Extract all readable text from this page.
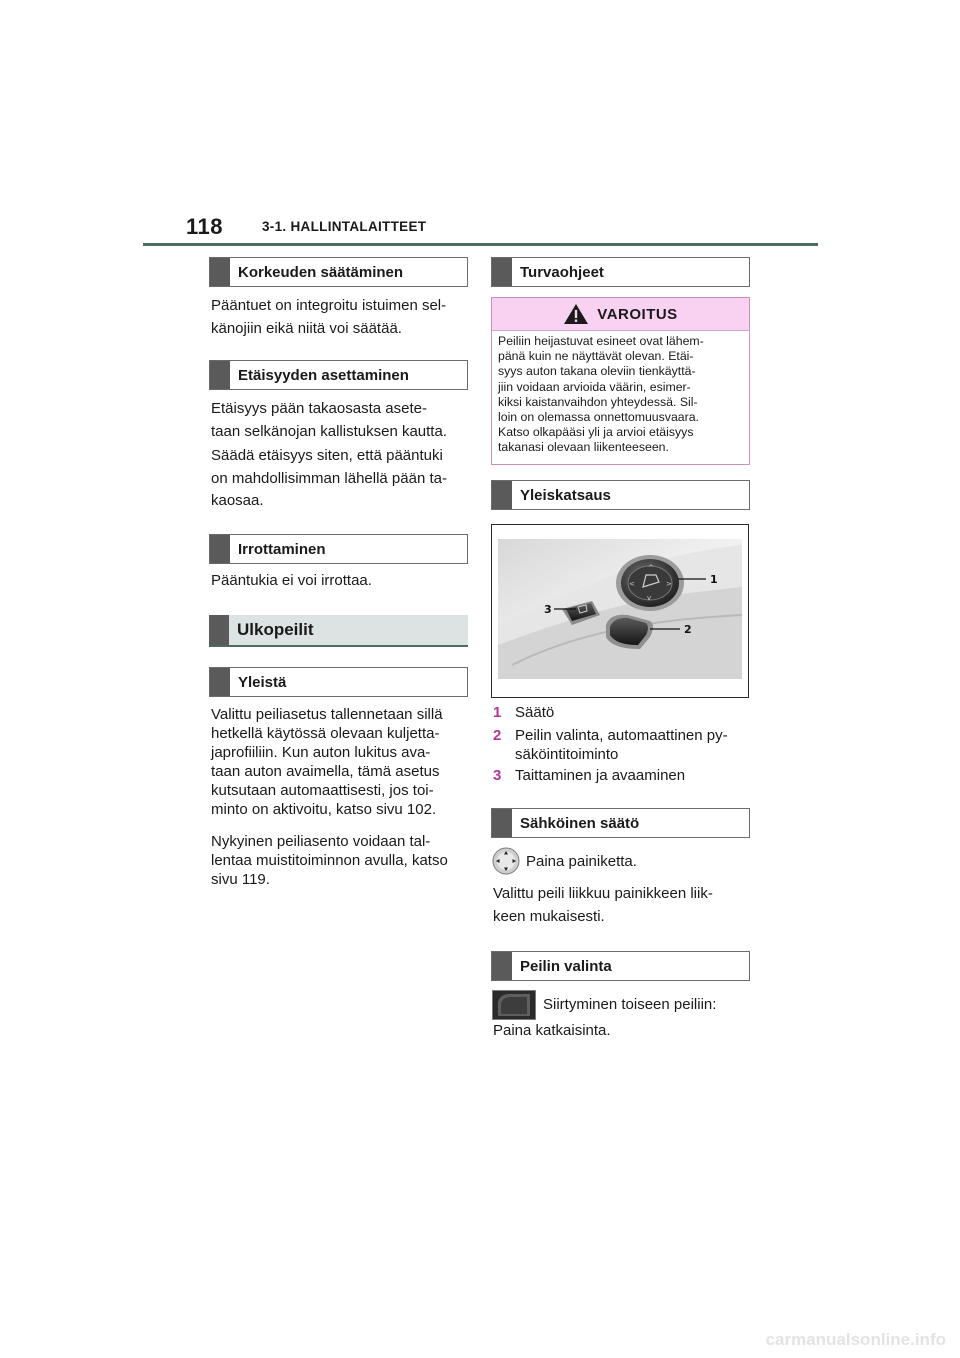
118	3-1. HALLINTALAITTEET
Korkeuden säätäminen
Pääntuet on integroitu istuimen sel-
känojiin eikä niitä voi säätää.
Etäisyyden asettaminen
Etäisyys pään takaosasta asete-
taan selkänojan kallistuksen kautta.
Säädä etäisyys siten, että pääntuki
on mahdollisimman lähellä pään ta-
kaosaa.
Irrottaminen
Pääntukia ei voi irrottaa.
Ulkopeilit
Yleistä
Valittu peiliasetus tallennetaan sillä
hetkellä käytössä olevaan kuljetta-
japrofiiliin. Kun auton lukitus ava-
taan auton avaimella, tämä asetus
kutsutaan automaattisesti, jos toi-
minto on aktivoitu, katso sivu 102.
Nykyinen peiliasento voidaan tal-
lentaa muistitoiminnon avulla, katso
sivu 119.
Turvaohjeet
VAROITUS
Peiliin heijastuvat esineet ovat lähem-
pänä kuin ne näyttävät olevan. Etäi-
syys auton takana oleviin tienkäyttä-
jiin voidaan arvioida väärin, esimer-
kiksi kaistanvaihdon yhteydessä. Sil-
loin on olemassa onnettomuusvaara.
Katso olkapääsi yli ja arvioi etäisyys
takanasi olevaan liikenteeseen.
Yleiskatsaus
^
<	>
v
1
2
3
1 Säätö
2 Peilin valinta, automaattinen py-
säköintitoiminto
3 Taittaminen ja avaaminen
Sähköinen säätö
Paina painiketta.
Valittu peili liikkuu painikkeen liik-
keen mukaisesti.
Peilin valinta
Siirtyminen toiseen peiliin:
Paina katkaisinta.
carmanualsonline.info
